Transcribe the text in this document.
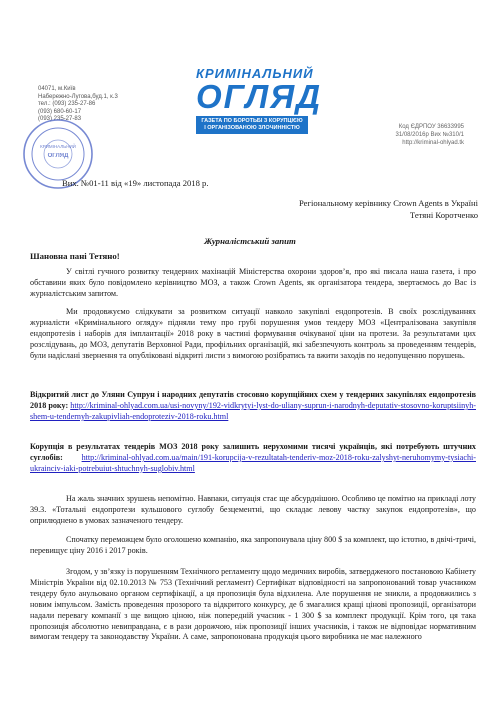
04071, м.Київ
Набережно-Луговa,буд.1, к.3
тел.: (093) 235-27-86
(093) 680-60-17
(093) 235-27-83
ОГЛЯД
КРИМІНАЛЬНИЙ
КРИМІНАЛЬНИЙ
ОГЛЯД
ГАЗЕТА ПО БОРОТЬБІ З КОРУПЦІЄЮ
І ОРГАНІЗОВАНОЮ ЗЛОЧИННІСТЮ	Код ЄДРПОУ 36633995
31/08/2016р Вих №310/1
http://kriminal-ohlyad.tk
Вих. №01-11 від «19» листопада 2018 р.
Регіональному керівнику Crown Agents в Україні
Тетяні Коротченко
Журналістський запит
Шановна пані Тетяно!
У світлі гучного розвитку тендерних махінацій Міністерства охорони здоров’я, про які писала наша газета, і про обставини яких було повідомлено керівництво МОЗ, а також Crown Agents, як організатора тендера, звертаємось до Вас із журналістським запитом.
Ми продовжуємо слідкувати за розвитком ситуації навколо закупівлі ендопротезів. В своїх розслідуваннях журналісти «Кримінального огляду» підняли тему про грубі порушення умов тендеру МОЗ «Централізована закупівля ендопротезів і наборів для імплантації» 2018 року в частині формування очікуваної ціни на протези. За результатами цих розслідувань, до МОЗ, депутатів Верховної Ради, профільних організацій, які забезпечують контроль за проведенням тендерів, були надіслані звернення та опубліковані відкриті листи з вимогою розібратись та вжити заходів по недопущенню порушень.
Відкритий лист до Уляни Супрун і народних депутатів стосовно корупційних схем у тендерних закупівлях ендопротезів 2018 року: http://kriminal-ohlyad.com.ua/usi-novyny/192-vidkrytyi-lyst-do-uliany-suprun-i-narodnyh-deputativ-stosovno-koruptsiinyh-shem-u-tendernyh-zakupivliah-endoproteziv-2018-roku.html
Корупція в результатах тендерів МОЗ 2018 року залишить нерухомими тисячі українців, які потребують штучних суглобів: http://kriminal-ohlyad.com.ua/main/191-korupcija-v-rezultatah-tenderiv-moz-2018-roku-zalyshyt-neruhomymy-tysiachi-ukraincіv-iaki-potrebuiut-shtuchnyh-suglobiv.html
На жаль значних зрушень непомітно. Навпаки, ситуація стає ще абсурднішою. Особливо це помітно на прикладі лоту 39.3. «Тотальні ендопротези кульшового суглобу безцементні, що складає левову частку закупок ендопротезів», що оприлюднено в умовах зазначеного тендеру.
Спочатку переможцем було оголошено компанію, яка запропонувала ціну 800 $ за комплект, що істотно, в двічі-тричі, перевищує ціну 2016 і 2017 років.
Згодом, у зв’язку із порушенням Технічного регламенту щодо медичних виробів, затвердженого постановою Кабінету Міністрів України від 02.10.2013 № 753 (Технічний регламент) Сертифікат відповідності на запропонований товар учасником тендеру було анульовано органом сертифікації, а ця пропозиція була відхилена. Але порушення не зникли, а продовжились з новим імпульсом. Замість проведення прозорого та відкритого конкурсу, де б змагалися кращі цінові пропозиції, організатори надали перевагу компанії з ще вищою ціною, ніж попередній учасник - 1 300 $ за комплект продукції. Крім того, ця така пропозиція абсолютно невиправдана, є в рази дорожчою, ніж пропозиції інших учасників, і також не відповідає нормативним вимогам тендеру та законодавству України. А саме, запропонована продукція цього виробника не має належного
